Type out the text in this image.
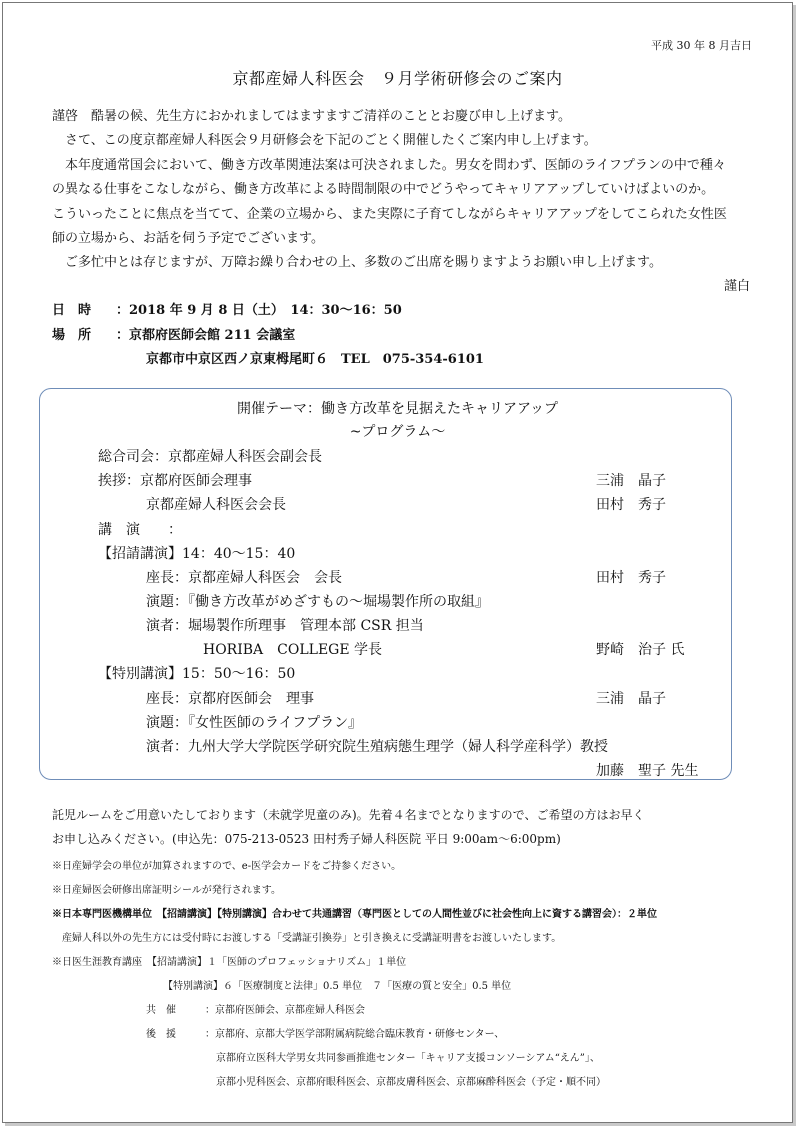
平成 30 年 8 月吉日
京都産婦人科医会　９月学術研修会のご案内
謹啓　酷暑の候、先生方におかれましてはますますご清祥のこととお慶び申し上げます。
　さて、この度京都産婦人科医会９月研修会を下記のごとく開催したくご案内申し上げます。
　本年度通常国会において、働き方改革関連法案は可決されました。男女を問わず、医師のライフプランの中で種々
の異なる仕事をこなしながら、働き方改革による時間制限の中でどうやってキャリアアップしていけばよいのか。
こういったことに焦点を当てて、企業の立場から、また実際に子育てしながらキャリアアップをしてこられた女性医
師の立場から、お話を伺う予定でございます。
　ご多忙中とは存じますが、万障お繰り合わせの上、多数のご出席を賜りますようお願い申し上げます。
謹白
日　時 ：2018 年 9 月 8 日（土）　14：30〜16：50
場　所 ：京都府医師会館 211 会議室
京都市中京区西ノ京東栂尾町６　TEL　075-354-6101
開催テーマ：働き方改革を見据えたキャリアアップ
~プログラム～
総合司会：京都産婦人科医会副会長
挨拶：京都府医師会理事	三浦　晶子
京都産婦人科医会会長	田村　秀子
講　演　　：
【招請講演】14：40〜15：40
座長：京都産婦人科医会　会長	田村　秀子
演題：『働き方改革がめざすもの〜堀場製作所の取組』
演者：堀場製作所理事　管理本部 CSR 担当
HORIBA　COLLEGE 学長	野崎　治子 氏
【特別講演】15：50〜16：50
座長：京都府医師会　理事	三浦　晶子
演題：『女性医師のライフプラン』
演者：九州大学大学院医学研究院生殖病態生理学（婦人科学産科学）教授
加藤　聖子 先生
託児ルームをご用意いたしております（未就学児童のみ)。先着４名までとなりますので、ご希望の方はお早く
お申し込みください。(申込先：075-213-0523 田村秀子婦人科医院 平日 9:00am〜6:00pm)
※日産婦学会の単位が加算されますので、e-医学会カードをご持参ください。
※日産婦医会研修出席証明シールが発行されます。
※日本専門医機構単位　【招請講演】【特別講演】合わせて共通講習（専門医としての人間性並びに社会性向上に資する講習会）：２単位
　産婦人科以外の先生方には受付時にお渡しする「受講証引換券」と引き換えに受講証明書をお渡しいたします。
※日医生涯教育講座　【招請講演】１「医師のプロフェッショナリズム」１単位
【特別講演】６「医療制度と法律」0.5 単位　７「医療の質と安全」0.5 単位
共　催	：京都府医師会、京都産婦人科医会
後　援	：京都府、京都大学医学部附属病院総合臨床教育・研修センター、
京都府立医科大学男女共同参画推進センター「キャリア支援コンソーシアム“えん”」、
京都小児科医会、京都府眼科医会、京都皮膚科医会、京都麻酔科医会（予定・順不同）
